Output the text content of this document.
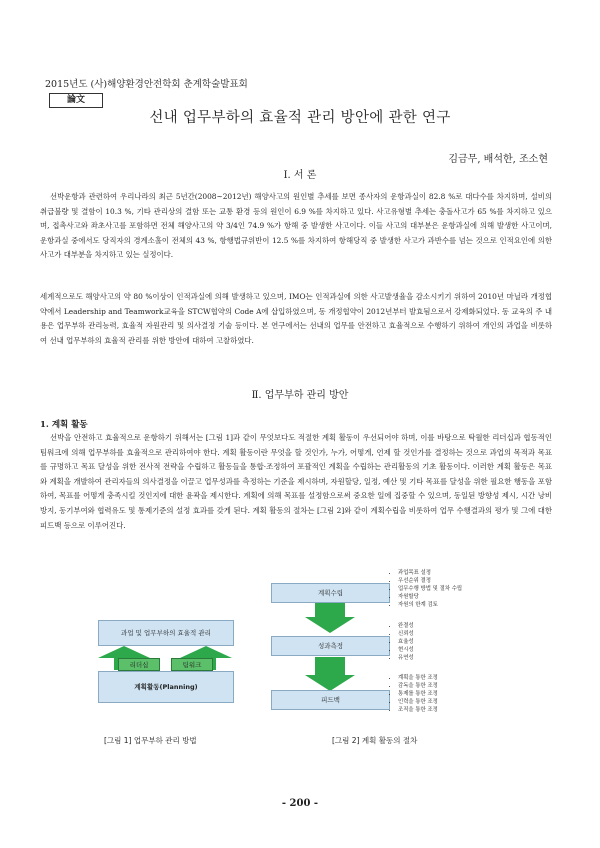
2015년도 (사)해양환경안전학회 춘계학술발표회
論文
선내 업무부하의 효율적 관리 방안에 관한 연구
김금무, 배석한, 조소현
Ⅰ. 서 론

선박운항과 관련하여 우리나라의 최근 5년간(2008~2012년) 해양사고의 원인별 추세를 보면 종사자의 운항과실이 82.8 %로 대다수를 차지하며, 설비의 취급불량 및 결함이 10.3 %, 기타 관리상의 결함 또는 교통 환경 등의 원인이 6.9 %를 차지하고 있다. 사고유형별 추세는 충돌사고가 65 %를 차지하고 있으며, 접촉사고와 좌초사고를 포함하면 전체 해양사고의 약 3/4인 74.9 %가 항해 중 발생한 사고이다. 이들 사고의 대부분은 운항과실에 의해 발생한 사고이며, 운항과실 중에서도 당직자의 경계소홀이 전체의 43 %, 항행법규위반이 12.5 %를 차지하여 항해당직 중 발생한 사고가 과반수를 넘는 것으로 인적요인에 의한 사고가 대부분을 차지하고 있는 실정이다.

세계적으로도 해양사고의 약 80 %이상이 인적과실에 의해 발생하고 있으며, IMO는 인적과실에 의한 사고발생율을 감소시키기 위하여 2010년 마닐라 개정협약에서 Leadership and Teamwork교육을 STCW협약의 Code A에 삽입하였으며, 동 개정협약이 2012년부터 발효됨으로서 강제화되었다. 동 교육의 주 내용은 업무부하 관리능력, 효율적 자원관리 및 의사결정 기술 등이다. 본 연구에서는 선내의 업무를 안전하고 효율적으로 수행하기 위하여 개인의 과업을 비롯하여 선내 업무부하의 효율적 관리를 위한 방안에 대하여 고찰하였다.

Ⅱ. 업무부하 관리 방안
1. 계획 활동

선박을 안전하고 효율적으로 운항하기 위해서는 [그림 1]과 같이 무엇보다도 적절한 계획 활동이 우선되어야 하며, 이를 바탕으로 탁월한 리더십과 협동적인 팀워크에 의해 업무부하를 효율적으로 관리하여야 한다. 계획 활동이란 무엇을 할 것인가, 누가, 어떻게, 언제 할 것인가를 결정하는 것으로 과업의 목적과 목표를 규명하고 목표 달성을 위한 전사적 전략을 수립하고 활동들을 통합·조정하여 포괄적인 계획을 수립하는 관리활동의 기초 활동이다. 이러한 계획 활동은 목표와 계획을 개발하여 관리자들의 의사결정을 이끌고 업무성과를 측정하는 기준을 제시하며, 자원할당, 일정, 예산 및 기타 목표를 달성을 위한 필요한 행동을 포함하여, 목표를 어떻게 충족시킬 것인지에 대한 윤곽을 제시한다. 계획에 의해 목표를 설정함으로써 중요한 일에 집중할 수 있으며, 동일된 방향성 제시, 시간 낭비 방지, 동기부여와 협력유도 및 통제기준의 설정 효과를 갖게 된다. 계획 활동의 절차는 [그림 2]와 같이 계획수립을 비롯하여 업무 수행결과의 평가 및 그에 대한 피드백 등으로 이루어진다.

과업 및 업무부하의 효율적 관리
리더십	팀워크
계획활동(Planning)
[그림 1] 업무부하 관리 방법
계획수립
성과측정
피드백
• 과업목표 설정
• 우선순위 결정
• 업무수행 방법 및 절차 수립
• 자원할당
• 자원의 한계 검토
• 완결성
• 신뢰성
• 효율성
• 현시성
• 유연성
• 계획을 통한 조정
• 감독을 통한 조정
• 통제를 통한 조정
• 인력을 통한 조정
• 조직을 통한 조정
[그림 2] 계획 활동의 절차
- 200 -
